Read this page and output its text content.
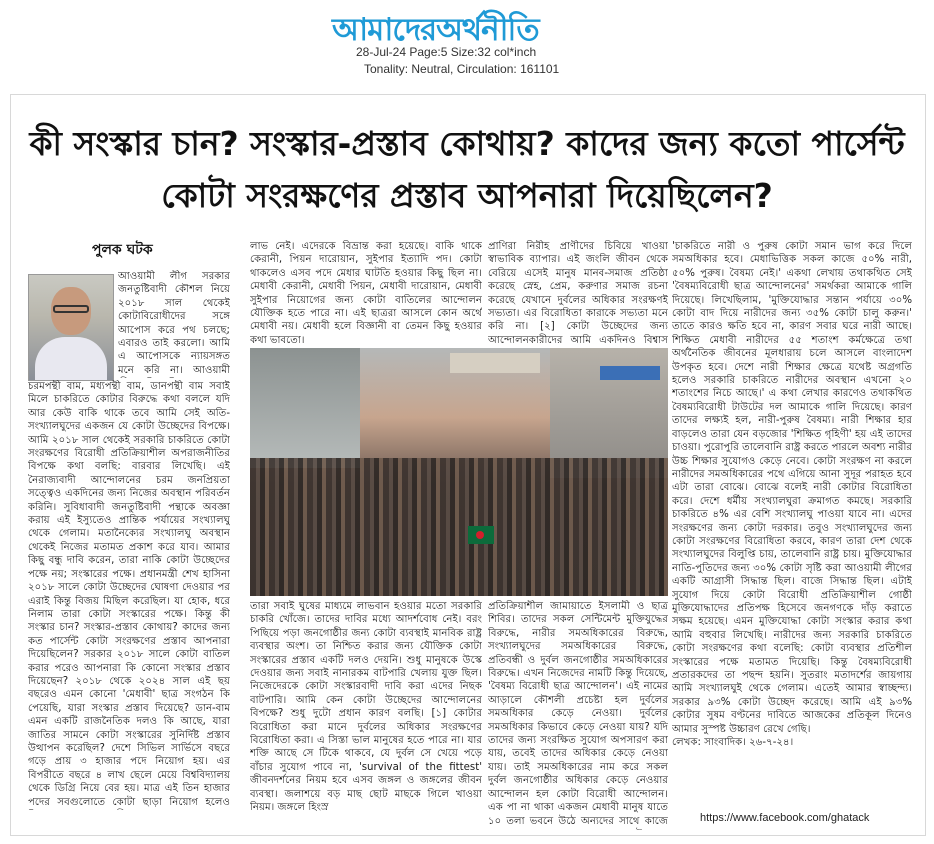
আমাদেরঅর্থনীতি
28-Jul-24 Page:5 Size:32 col*inch
Tonality: Neutral, Circulation: 161101
কী সংস্কার চান? সংস্কার-প্রস্তাব কোথায়? কাদের জন্য কতো পার্সেন্ট কোটা সংরক্ষণের প্রস্তাব আপনারা দিয়েছিলেন?
পুলক ঘটক

আওয়ামী লীগ সরকার জনতুষ্টিবাদী কৌশল নিয়ে ২০১৮ সাল থেকেই কোটাবিরোধীদের সঙ্গে আপোস করে পথ চলছে; এবারও তাই করলো। আমি এ আপোসকে ন্যায়সঙ্গত মনে করি না। আওয়ামী

চরমপন্থী বাম, মধ্যপন্থী বাম, ডানপন্থী বাম সবাই মিলে চাকরিতে কোটার বিরুদ্ধে কথা বললে যদি আর কেউ বাকি থাকে তবে আমি সেই অতি-সংখ্যালঘুদের একজন যে কোটা উচ্ছেদের বিপক্ষে। আমি ২০১৮ সাল থেকেই সরকারি চাকরিতে কোটা সংরক্ষণের বিরোধী প্রতিক্রিয়াশীল অপরাজনীতির বিপক্ষে কথা বলছি: বারবার লিখেছি। এই নৈরাজ্যবাদী আন্দোলনের চরম জনপ্রিয়তা সত্ত্বেও একদিনের জন্য নিজের অবস্থান পরিবর্তন করিনি। সুবিধাবাদী জনতুষ্টিবাদী পন্থাকে অবজ্ঞা করায় এই ইস্যুতেও প্রান্তিক পর্যায়ের সংখ্যালঘু থেকে গেলাম। মতানৈক্যের সংখ্যালঘু অবস্থান থেকেই নিজের মতামত প্রকাশ করে যাব। আমার কিছু বন্ধু দাবি করেন, তারা নাকি কোটা উচ্ছেদের পক্ষে নয়; সংস্কারের পক্ষে। প্রধানমন্ত্রী শেখ হাসিনা ২০১৮ সালে কোটা উচ্ছেদের ঘোষণা দেওয়ার পর এরাই কিন্তু বিজয় মিছিল করেছিল। যা হোক, ধরে নিলাম তারা কোটা সংস্কারের পক্ষে। কিন্তু কী সংস্কার চান? সংস্কার-প্রস্তাব কোথায়? কাদের জন্য কত পার্সেন্ট কোটা সংরক্ষণের প্রস্তাব আপনারা দিয়েছিলেন? সরকার ২০১৮ সালে কোটা বাতিল করার পরেও আপনারা কি কোনো সংস্কার প্রস্তাব দিয়েছেন? ২০১৮ থেকে ২০২৪ সাল এই ছয় বছরেও এমন কোনো 'মেধাবী' ছাত্র সংগঠন কি পেয়েছি, যারা সংস্কার প্রস্তাব দিয়েছে? ডান-বাম এমন একটি রাজনৈতিক দলও কি আছে, যারা জাতির সামনে কোটা সংস্কারের সুনির্দিষ্ট প্রস্তাব উত্থাপন করেছিল? দেশে সিভিল সার্ভিসে বছরে গড়ে প্রায় ৩ হাজার পদে নিয়োগ হয়। এর বিপরীতে বছরে ৪ লাখ ছেলে মেয়ে বিশ্ববিদ্যালয় থেকে ডিগ্রি নিয়ে বের হয়। মাত্র এই তিন হাজার পদের সবগুলোতে কোটা ছাড়া নিয়োগ হলেও

লাভ নেই। এদেরকে বিভ্রান্ত করা হয়েছে। বাকি থাকে কেরানী, পিয়ন দারোয়ান, সুইপার ইত্যাদি পদ। কোটা থাকলেও এসব পদে মেধার ঘাটতি হওয়ার কিছু ছিল না। মেধাবী কেরানী, মেধাবী পিয়ন, মেধাবী দারোয়ান, মেধাবী সুইপার নিয়োগের জন্য কোটা বাতিলের আন্দোলন যৌক্তিক হতে পারে না। এই ছাত্ররা আসলে কোন অর্থে মেধাবী নয়। মেধাবী হলে বিজ্ঞানী বা তেমন কিছু হওয়ার কথা ভাবতো।

প্রাণিরা নিরীহ প্রাণীদের চিবিয়ে খাওয়া স্বাভাবিক ব্যাপার। এই জংলি জীবন থেকে বেরিয়ে এসেই মানুষ মানব-সমাজ প্রতিষ্ঠা করেছে স্নেহ, প্রেম, করুণার সমাজ রচনা করেছে যেখানে দুর্বলের অধিকার সংরক্ষণই সভ্যতা। এর বিরোধিতা কারাকে সভ্যতা মনে করি না। [২] কোটা উচ্ছেদের জন্য আন্দোলনকারীদের আমি একদিনও বিশ্বাস

তারা সবাই ঘুষের মাধ্যমে লাভবান হওয়ার মতো সরকারি চাকরি খোঁজে। তাদের দাবির মধ্যে আদর্শবোধ নেই। বরং পিছিয়ে পড়া জনগোষ্ঠীর জন্য কোটা ব্যবস্থাই মানবিক রাষ্ট্র ব্যবস্থার অংশ। তা নিশ্চিত করার জন্য যৌক্তিক কোটা সংস্কারের প্রস্তাব একটি দলও দেয়নি। শুধু মানুষকে উস্কে দেওয়ার জন্য সবাই নানারকম বাটপারি খেলায় যুক্ত ছিল। নিজেদেরকে কোটা সংস্কারবাদী দাবি করা এদের নিছক বাটপারি। আমি কেন কোটা উচ্ছেদের আন্দোলনের বিপক্ষে? শুধু দুটো প্রধান কারণ বলছি। [১] কোটার বিরোধিতা করা মানে দুর্বলের অধিকার সংরক্ষণের বিরোধিতা করা। এ সিস্তা ভাল মানুষের হতে পারে না। যার শক্তি আছে সে টিকে থাকবে, যে দুর্বল সে খেয়ে পড়ে বাঁচার সুযোগ পাবে না, 'survival of the fittest' জীবনদর্শনের নিয়ম হবে এসব জঙ্গল ও জঙ্গলের জীবন ব্যবস্থা। জলাশয়ে বড় মাছ ছোট মাছকে গিলে খাওয়া নিয়ম। জঙ্গলে হিংস্র

প্রতিক্রিয়াশীল জামায়াতে ইসলামী ও ছাত্র শিবির। তাদের সকল সেন্টিমেন্ট মুক্তিযুদ্ধের বিরুদ্ধে, নারীর সমঅধিকারের বিরুদ্ধে, সংখ্যালঘুদের সমঅধিকারের বিরুদ্ধে, প্রতিবন্ধী ও দুর্বল জনগোষ্ঠীর সমঅধিকারের বিরুদ্ধে। এখন নিজেদের নামটি কিন্তু দিয়েছে, 'বৈষম্য বিরোধী ছাত্র আন্দোলন'। এই নামের আড়ালে কৌশলী প্রচেষ্টা হল দুর্বলের সমঅধিকার কেড়ে নেওয়া। দুর্বলের সমঅধিকার কিভাবে কেড়ে নেওয়া যায়? যদি তাদের জন্য সংরক্ষিত সুযোগ অপসারণ করা যায়, তবেই তাদের অধিকার কেড়ে নেওয়া যায়। তাই সমঅধিকারের নাম করে সকল দুর্বল জনগোষ্ঠীর অধিকার কেড়ে নেওয়ার আন্দোলন হল কোটা বিরোধী আন্দোলন। এক পা না থাকা একজন মেধাবী মানুষ যাতে ১০ তলা ভবনে উঠে অন্যদের সাথে কাজে

'চাকরিতে নারী ও পুরুষ কোটা সমান ভাগ করে দিলে সমঅধিকার হবে। মেধাভিত্তিক সকল কাজে ৫০% নারী, ৫০% পুরুষ। বৈষম্য নেই।' একথা লেখায় তথাকথিত সেই 'বৈষম্যবিরোধী ছাত্র আন্দোলনের' সমর্থকরা আমাকে গালি দিয়েছে। লিখেছিলাম, 'মুক্তিযোদ্ধার সন্তান পর্যায়ে ৩০% কোটা বাদ দিয়ে নারীদের জন্য ৩৫% কোটা চালু করুন।' তাতে কারও ক্ষতি হবে না, কারণ সবার ঘরে নারী আছে। শিক্ষিত মেধাবী নারীদের ৫৫ শতাংশ কর্মক্ষেত্রে তথা অর্থনৈতিক জীবনের মূলধারায় চলে আসলে বাংলাদেশ উপকৃত হবে। দেশে নারী শিক্ষার ক্ষেত্রে যথেষ্ট অগ্রগতি হলেও সরকারি চাকরিতে নারীদের অবস্থান এখনো ২০ শতাংশের নিচে আছে।' এ কথা লেখার কারণেও তথাকথিত বৈষম্যবিরোধী টাউটের দল আমাকে গালি দিয়েছে। কারণ তাদের লক্ষ্যই হল, নারী-পুরুষ বৈষম্য। নারী শিক্ষার হার বাড়লেও তারা যেন বড়জোর 'শিক্ষিত গৃহিণী' হয় এই তাদের চাওয়া। পুরোপুরি তালেবানি রাষ্ট্র করতে পারলে অবশ্য নারীর উচ্চ শিক্ষার সুযোগও কেড়ে নেবে। কোটা সংরক্ষণ না করলে নারীদের সমঅধিকারের পথে এগিয়ে আনা সুদূর পরাহত হবে এটা তারা বোঝে। বোঝে বলেই নারী কোটার বিরোধিতা করে। দেশে ধর্মীয় সংখ্যালঘুরা ক্রমাগত কমছে। সরকারি চাকরিতে ৪% এর বেশি সংখ্যালঘু পাওয়া যাবে না। এদের সংরক্ষণের জন্য কোটা দরকার। তবুও সংখ্যালঘুদের জন্য কোটা সংরক্ষণের বিরোধিতা করবে, কারণ তারা দেশ থেকে সংখ্যালঘুদের বিলুপ্তি চায়, তালেবানি রাষ্ট্র চায়। মুক্তিযোদ্ধার নাতি-পুতিদের জন্য ৩০% কোটা সৃষ্টি করা আওয়ামী লীগের একটি আগ্রাসী সিদ্ধান্ত ছিল। বাজে সিদ্ধান্ত ছিল। এটাই সুযোগ দিয়ে কোটা বিরোধী প্রতিক্রিয়াশীল গোষ্ঠী মুক্তিযোদ্ধাদের প্রতিপক্ষ হিসেবে জনগণকে দাঁড় করাতে সক্ষম হয়েছে। এমন মুক্তিযোদ্ধা কোটা সংস্কার করার কথা আমি বহুবার লিখেছি। নারীদের জন্য সরকারি চাকরিতে কোটা সংরক্ষণের কথা বলেছি: কোটা ব্যবস্থার প্রতিশীল সংস্কারের পক্ষে মতামত দিয়েছি। কিন্তু বৈষম্যবিরোধী প্রতারকদের তা পছন্দ হয়নি। সুতরাং মতাদর্শের জায়গায় আমি সংখ্যালঘুই থেকে গেলাম। এতেই আমার স্বাচ্ছন্দ্য। সরকার ৯৩% কোটা উচ্ছেদ করেছে। আমি এই ৯৩% কোটার সুষম বণ্টনের দাবিতে আজকের প্রতিকূল দিনেও আমার সুস্পষ্ট উচ্চারণ রেখে গেছি।

লেখক: সাংবাদিক। ২৬-৭-২৪।

https://www.facebook.com/ghatack
